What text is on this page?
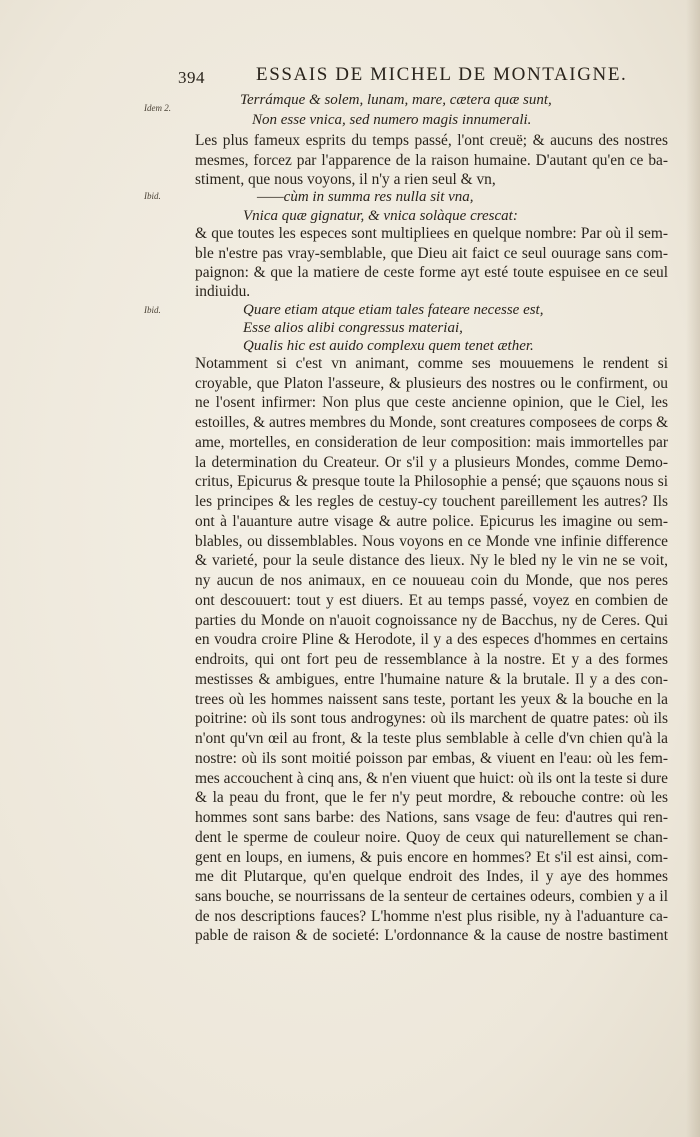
394	ESSAIS DE MICHEL DE MONTAIGNE.
Idem 2.
Ibid.
Ibid.
Terrámque & solem, lunam, mare, cætera quæ sunt,
Non esse vnica, sed numero magis innumerali.
Les plus fameux esprits du temps passé, l'ont creuë; & aucuns des nostres
mesmes, forcez par l'apparence de la raison humaine. D'autant qu'en ce ba-
stiment, que nous voyons, il n'y a rien seul & vn,
——cùm in summa res nulla sit vna,
Vnica quæ gignatur, & vnica solàque crescat:
& que toutes les especes sont multipliees en quelque nombre: Par où il sem-
ble n'estre pas vray-semblable, que Dieu ait faict ce seul ouurage sans com-
paignon: & que la matiere de ceste forme ayt esté toute espuisee en ce seul
indiuidu.
Quare etiam atque etiam tales fateare necesse est,
Esse alios alibi congressus materiai,
Qualis hic est auido complexu quem tenet æther.
Notamment si c'est vn animant, comme ses mouuemens le rendent si
croyable, que Platon l'asseure, & plusieurs des nostres ou le confirment, ou
ne l'osent infirmer: Non plus que ceste ancienne opinion, que le Ciel, les
estoilles, & autres membres du Monde, sont creatures composees de corps &
ame, mortelles, en consideration de leur composition: mais immortelles par
la determination du Createur. Or s'il y a plusieurs Mondes, comme Demo-
critus, Epicurus & presque toute la Philosophie a pensé; que sçauons nous si
les principes & les regles de cestuy-cy touchent pareillement les autres? Ils
ont à l'auanture autre visage & autre police. Epicurus les imagine ou sem-
blables, ou dissemblables. Nous voyons en ce Monde vne infinie difference
& varieté, pour la seule distance des lieux. Ny le bled ny le vin ne se voit,
ny aucun de nos animaux, en ce nouueau coin du Monde, que nos peres
ont descouuert: tout y est diuers. Et au temps passé, voyez en combien de
parties du Monde on n'auoit cognoissance ny de Bacchus, ny de Ceres. Qui
en voudra croire Pline & Herodote, il y a des especes d'hommes en certains
endroits, qui ont fort peu de ressemblance à la nostre. Et y a des formes
mestisses & ambigues, entre l'humaine nature & la brutale. Il y a des con-
trees où les hommes naissent sans teste, portant les yeux & la bouche en la
poitrine: où ils sont tous androgynes: où ils marchent de quatre pates: où ils
n'ont qu'vn œil au front, & la teste plus semblable à celle d'vn chien qu'à la
nostre: où ils sont moitié poisson par embas, & viuent en l'eau: où les fem-
mes accouchent à cinq ans, & n'en viuent que huict: où ils ont la teste si dure
& la peau du front, que le fer n'y peut mordre, & rebouche contre: où les
hommes sont sans barbe: des Nations, sans vsage de feu: d'autres qui ren-
dent le sperme de couleur noire. Quoy de ceux qui naturellement se chan-
gent en loups, en iumens, & puis encore en hommes? Et s'il est ainsi, com-
me dit Plutarque, qu'en quelque endroit des Indes, il y aye des hommes
sans bouche, se nourrissans de la senteur de certaines odeurs, combien y a il
de nos descriptions fauces? L'homme n'est plus risible, ny à l'aduanture ca-
pable de raison & de societé: L'ordonnance & la cause de nostre bastiment
